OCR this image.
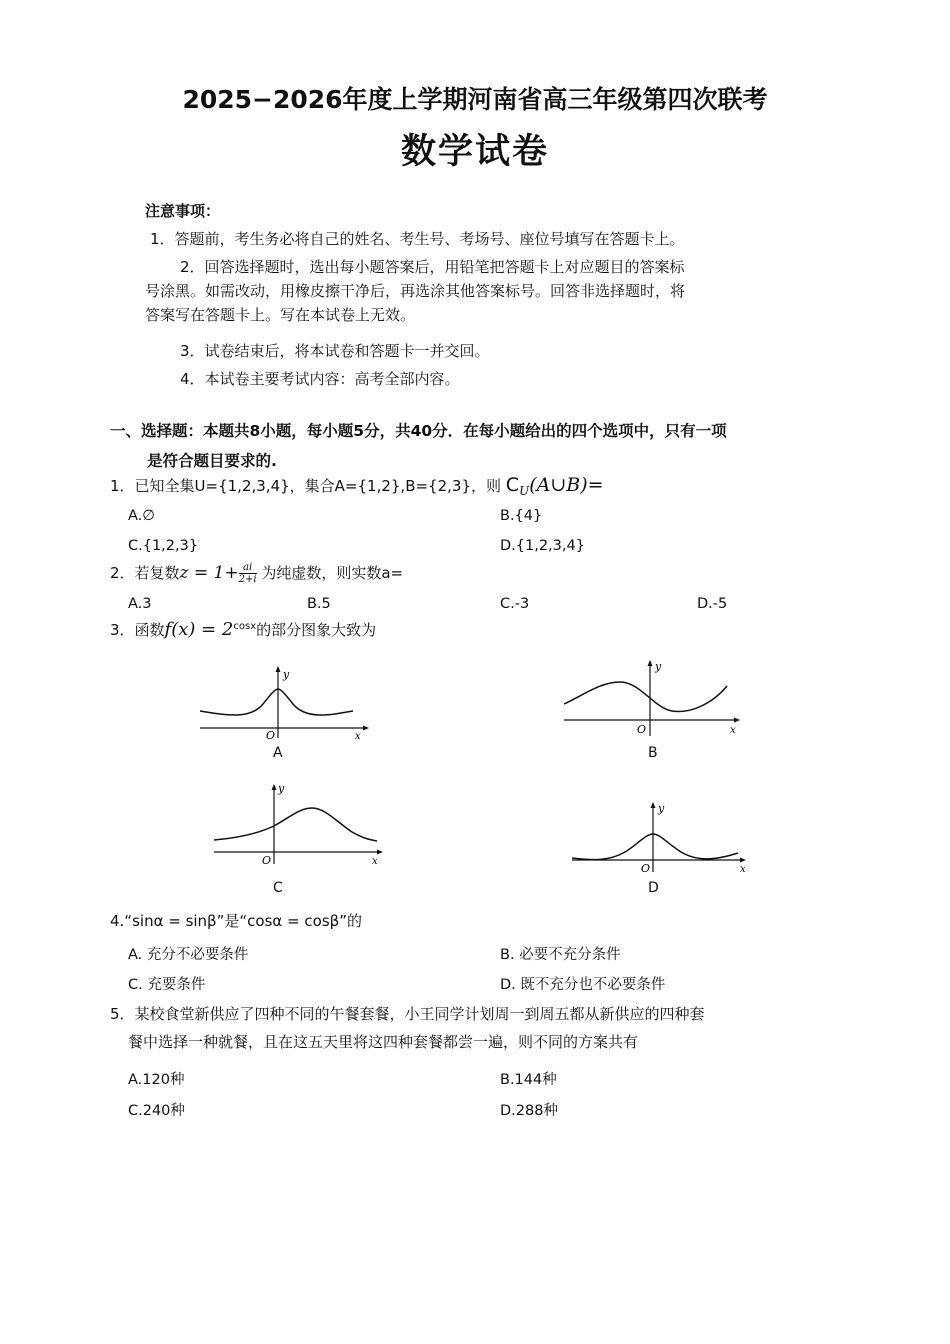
2025−2026年度上学期河南省高三年级第四次联考
数学试卷
注意事项：
1．答题前，考生务必将自己的姓名、考生号、考场号、座位号填写在答题卡上。
2．回答选择题时，选出每小题答案后，用铅笔把答题卡上对应题目的答案标
号涂黑。如需改动，用橡皮擦干净后，再选涂其他答案标号。回答非选择题时，将
答案写在答题卡上。写在本试卷上无效。
3．试卷结束后，将本试卷和答题卡一并交回。
4．本试卷主要考试内容：高考全部内容。
一、选择题：本题共8小题，每小题5分，共40分．在每小题给出的四个选项中，只有一项
是符合题目要求的.
1．已知全集U={1,2,3,4}，集合A={1,2},B={2,3}，则 $C_U(A\cup B)=$
A.∅	B.{4}
C.{1,2,3}	D.{1,2,3,4}
2．若复数$z = 1+ \frac{ai}{2+i}$ 为纯虚数，则实数a=
A.3	B.5	C.-3	D.-5
3．函数$f(x) = 2^{cosx}$的部分图象大致为
y
O	x
A
y
O	x
B
y
O	x
C
y
O	x
D
4.“sinα = sinβ”是“cosα = cosβ”的
A. 充分不必要条件	B. 必要不充分条件
C. 充要条件	D. 既不充分也不必要条件
5．某校食堂新供应了四种不同的午餐套餐，小王同学计划周一到周五都从新供应的四种套
餐中选择一种就餐，且在这五天里将这四种套餐都尝一遍，则不同的方案共有
A.120种	B.144种
C.240种	D.288种
